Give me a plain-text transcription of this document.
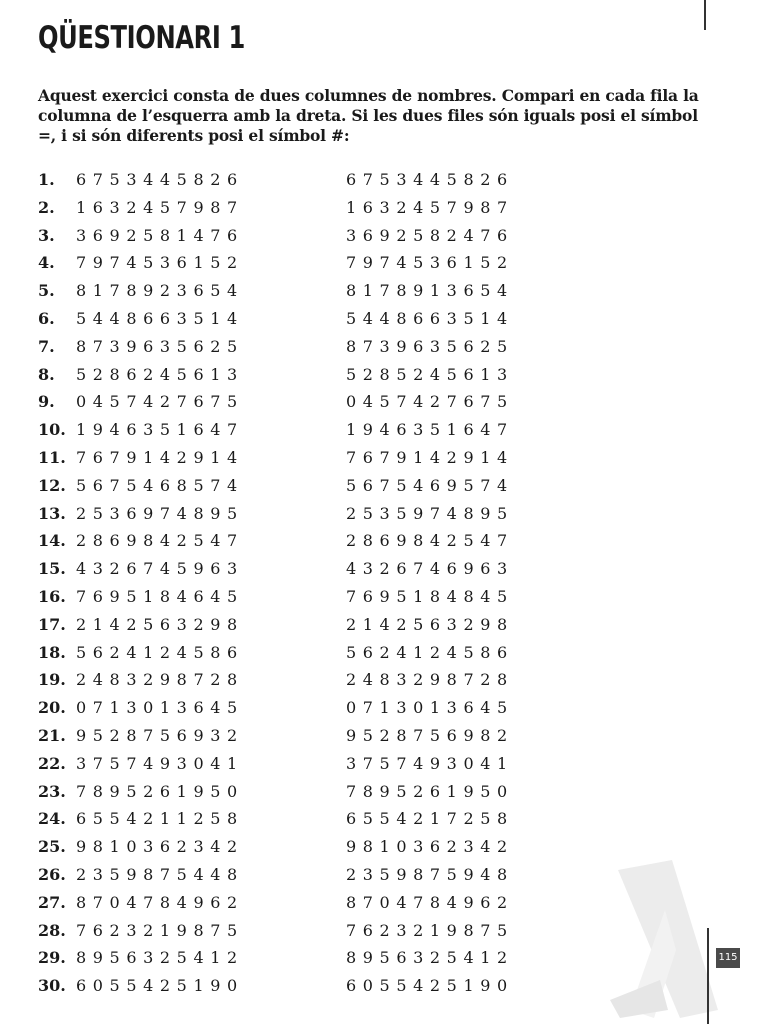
QÜESTIONARI 1
Aquest exercici consta de dues columnes de nombres. Compari en cada fila la columna de l’esquerra amb la dreta. Si les dues files són iguals posi el símbol =, i si són diferents posi el símbol #:
1. 6753445826	6753445826
2. 1632457987	1632457987
3. 3692581476	3692582476
4. 7974536152	7974536152
5. 8178923654	8178913654
6. 5448663514	5448663514
7. 8739635625	8739635625
8. 5286245613	5285245613
9. 0457427675	0457427675
10. 1946351647	1946351647
11. 7679142914	7679142914
12. 5675468574	5675469574
13. 2536974895	2535974895
14. 2869842547	2869842547
15. 4326745963	4326746963
16. 7695184645	7695184845
17. 2142563298	2142563298
18. 5624124586	5624124586
19. 2483298728	2483298728
20. 0713013645	0713013645
21. 9528756932	9528756982
22. 3757493041	3757493041
23. 7895261950	7895261950
24. 6554211258	6554217258
25. 9810362342	9810362342
26. 2359875448	2359875948
27. 8704784962	8704784962
28. 7623219875	7623219875
29. 8956325412	8956325412
30. 6055425190	6055425190
115
